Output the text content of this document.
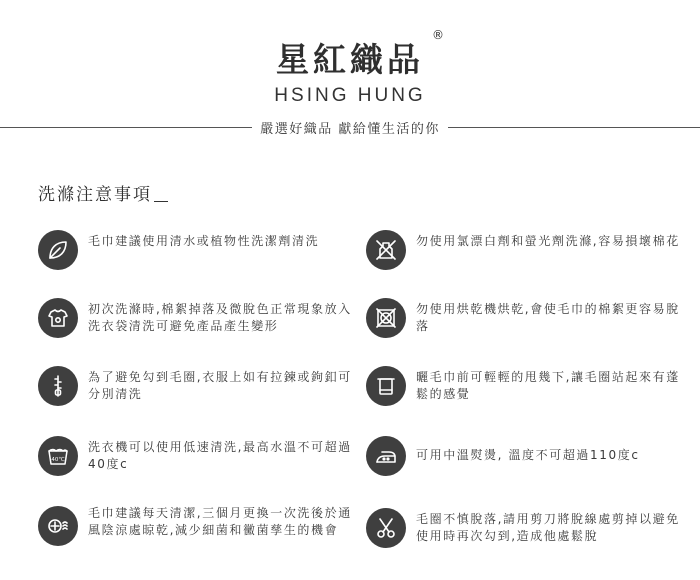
星紅織品
®
HSING HUNG
嚴選好織品 獻給懂生活的你
洗滌注意事項
毛巾建議使用清水或植物性洗潔劑清洗
初次洗滌時,棉絮掉落及微脫色正常現象放入洗衣袋清洗可避免產品產生變形
為了避免勾到毛圈,衣服上如有拉鍊或鉤釦可分別清洗
40℃
洗衣機可以使用低速清洗,最高水溫不可超過40度c
毛巾建議每天清潔,三個月更換一次洗後於通風陰涼處晾乾,減少細菌和黴菌孳生的機會
勿使用氯漂白劑和螢光劑洗滌,容易損壞棉花
勿使用烘乾機烘乾,會使毛巾的棉絮更容易脫落
曬毛巾前可輕輕的甩幾下,讓毛圈站起來有蓬鬆的感覺
可用中溫熨燙, 溫度不可超過110度c
毛圈不慎脫落,請用剪刀將脫線處剪掉以避免使用時再次勾到,造成他處鬆脫
